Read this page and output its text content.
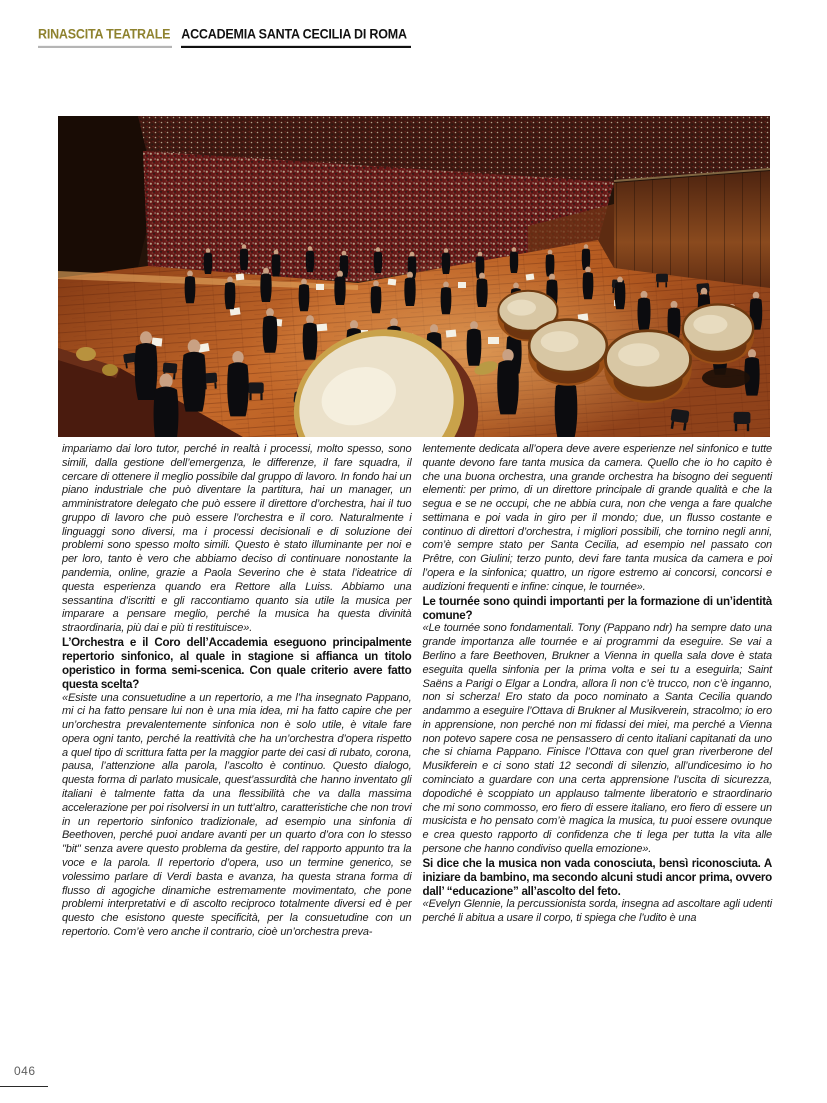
RINASCITA TEATRALE ACCADEMIA SANTA CECILIA DI ROMA

impariamo dai loro tutor, perché in realtà i processi, molto spesso, sono simili, dalla gestione dell’emergenza, le differenze, il fare squadra, il cercare di ottenere il meglio possibile dal gruppo di lavoro. In fondo hai un piano industriale che può diventare la partitura, hai un manager, un amministratore delegato che può essere il direttore d’orchestra, hai il tuo gruppo di lavoro che può essere l’orchestra e il coro. Naturalmente i linguaggi sono diversi, ma i processi decisionali e di soluzione dei problemi sono spesso molto simili. Questo è stato illuminante per noi e per loro, tanto è vero che abbiamo deciso di continuare nonostante la pandemia, online, grazie a Paola Severino che è stata l’ideatrice di questa esperienza quando era Rettore alla Luiss. Abbiamo una sessantina d’iscritti e gli raccontiamo quanto sia utile la musica per imparare a pensare meglio, perché la musica ha questa divinità straordinaria, più dai e più ti restituisce».

L’Orchestra e il Coro dell’Accademia eseguono principalmente repertorio sinfonico, al quale in stagione si affianca un titolo operistico in forma semi-scenica. Con quale criterio avere fatto questa scelta?

«Esiste una consuetudine a un repertorio, a me l’ha insegnato Pappano, mi ci ha fatto pensare lui non è una mia idea, mi ha fatto capire che per un’orchestra prevalentemente sinfonica non è solo utile, è vitale fare opera ogni tanto, perché la reattività che ha un’orchestra d’opera rispetto a quel tipo di scrittura fatta per la maggior parte dei casi di rubato, corona, pausa, l’attenzione alla parola, l’ascolto è continuo. Questo dialogo, questa forma di parlato musicale, quest’assurdità che hanno inventato gli italiani è talmente fatta da una flessibilità che va dalla massima accelerazione per poi risolversi in un tutt’altro, caratteristiche che non trovi in un repertorio sinfonico tradizionale, ad esempio una sinfonia di Beethoven, perché puoi andare avanti per un quarto d’ora con lo stesso "bit" senza avere questo problema da gestire, del rapporto appunto tra la voce e la parola. Il repertorio d’opera, uso un termine generico, se volessimo parlare di Verdi basta e avanza, ha questa strana forma di flusso di agogiche dinamiche estremamente movimentato, che pone problemi interpretativi e di ascolto reciproco totalmente diversi ed è per questo che esistono queste specificità, per la consuetudine con un repertorio. Com’è vero anche il contrario, cioè un’orchestra preva-

lentemente dedicata all’opera deve avere esperienze nel sinfonico e tutte quante devono fare tanta musica da camera. Quello che io ho capito è che una buona orchestra, una grande orchestra ha bisogno dei seguenti elementi: per primo, di un direttore principale di grande qualità e che la segua e se ne occupi, che ne abbia cura, non che venga a fare qualche settimana e poi vada in giro per il mondo; due, un flusso costante e continuo di direttori d’orchestra, i migliori possibili, che tornino negli anni, com’è sempre stato per Santa Cecilia, ad esempio nel passato con Prêtre, con Giulini; terzo punto, devi fare tanta musica da camera e poi l’opera e la sinfonica; quattro, un rigore estremo ai concorsi, concorsi e audizioni frequenti e infine: cinque, le tournée».

Le tournée sono quindi importanti per la formazione di un’identità comune?

«Le tournée sono fondamentali. Tony (Pappano ndr) ha sempre dato una grande importanza alle tournée e ai programmi da eseguire. Se vai a Berlino a fare Beethoven, Brukner a Vienna in quella sala dove è stata eseguita quella sinfonia per la prima volta e sei tu a eseguirla; Saint Saëns a Parigi o Elgar a Londra, allora lì non c’è trucco, non c’è inganno, non si scherza! Ero stato da poco nominato a Santa Cecilia quando andammo a eseguire l’Ottava di Brukner al Musikverein, stracolmo; io ero in apprensione, non perché non mi fidassi dei miei, ma perché a Vienna non potevo sapere cosa ne pensassero di cento italiani capitanati da uno che si chiama Pappano. Finisce l’Ottava con quel gran riverberone del Musikferein e ci sono stati 12 secondi di silenzio, all’undicesimo io ho cominciato a guardare con una certa apprensione l’uscita di sicurezza, dopodiché è scoppiato un applauso talmente liberatorio e straordinario che mi sono commosso, ero fiero di essere italiano, ero fiero di essere un musicista e ho pensato com’è magica la musica, tu puoi essere ovunque e crea questo rapporto di confidenza che ti lega per tutta la vita alle persone che hanno condiviso quella emozione».

Si dice che la musica non vada conosciuta, bensì riconosciuta. A iniziare da bambino, ma secondo alcuni studi ancor prima, ovvero dall’ “educazione” all’ascolto del feto.

«Evelyn Glennie, la percussionista sorda, insegna ad ascoltare agli udenti perché li abitua a usare il corpo, ti spiega che l’udito è una

046
